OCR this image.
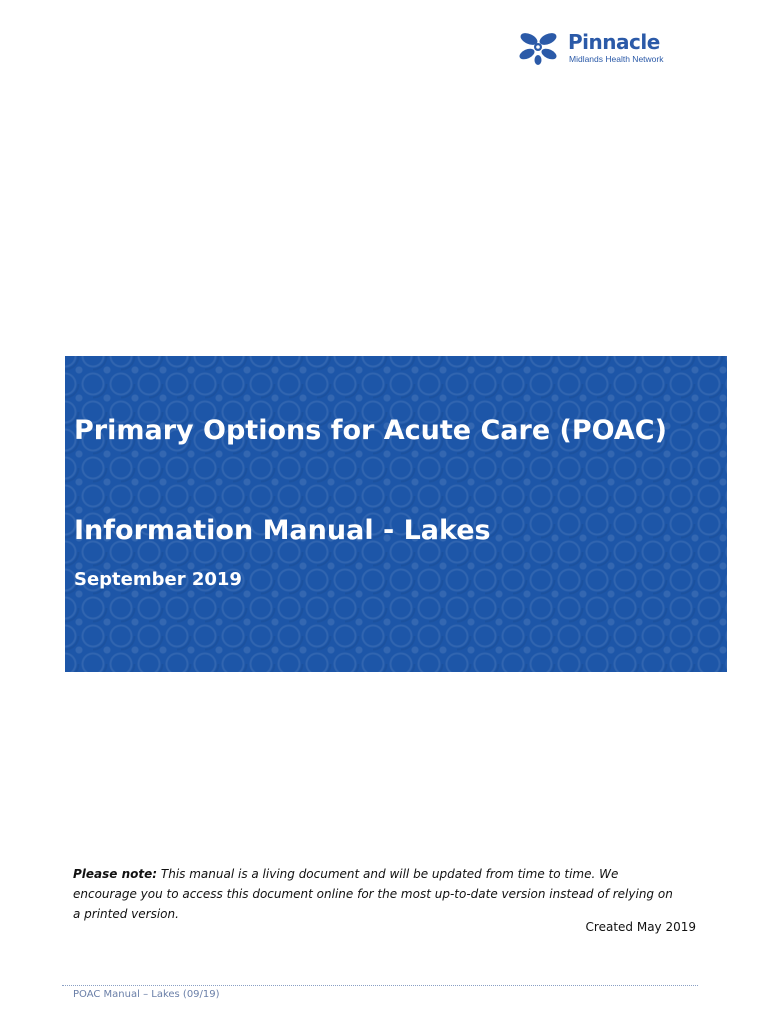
Pinnacle
Midlands Health Network
Primary Options for Acute Care (POAC)
Information Manual - Lakes

September 2019

Please note: This manual is a living document and will be updated from time to time. We encourage you to access this document online for the most up-to-date version instead of relying on a printed version.

Created May 2019
POAC Manual – Lakes (09/19)
